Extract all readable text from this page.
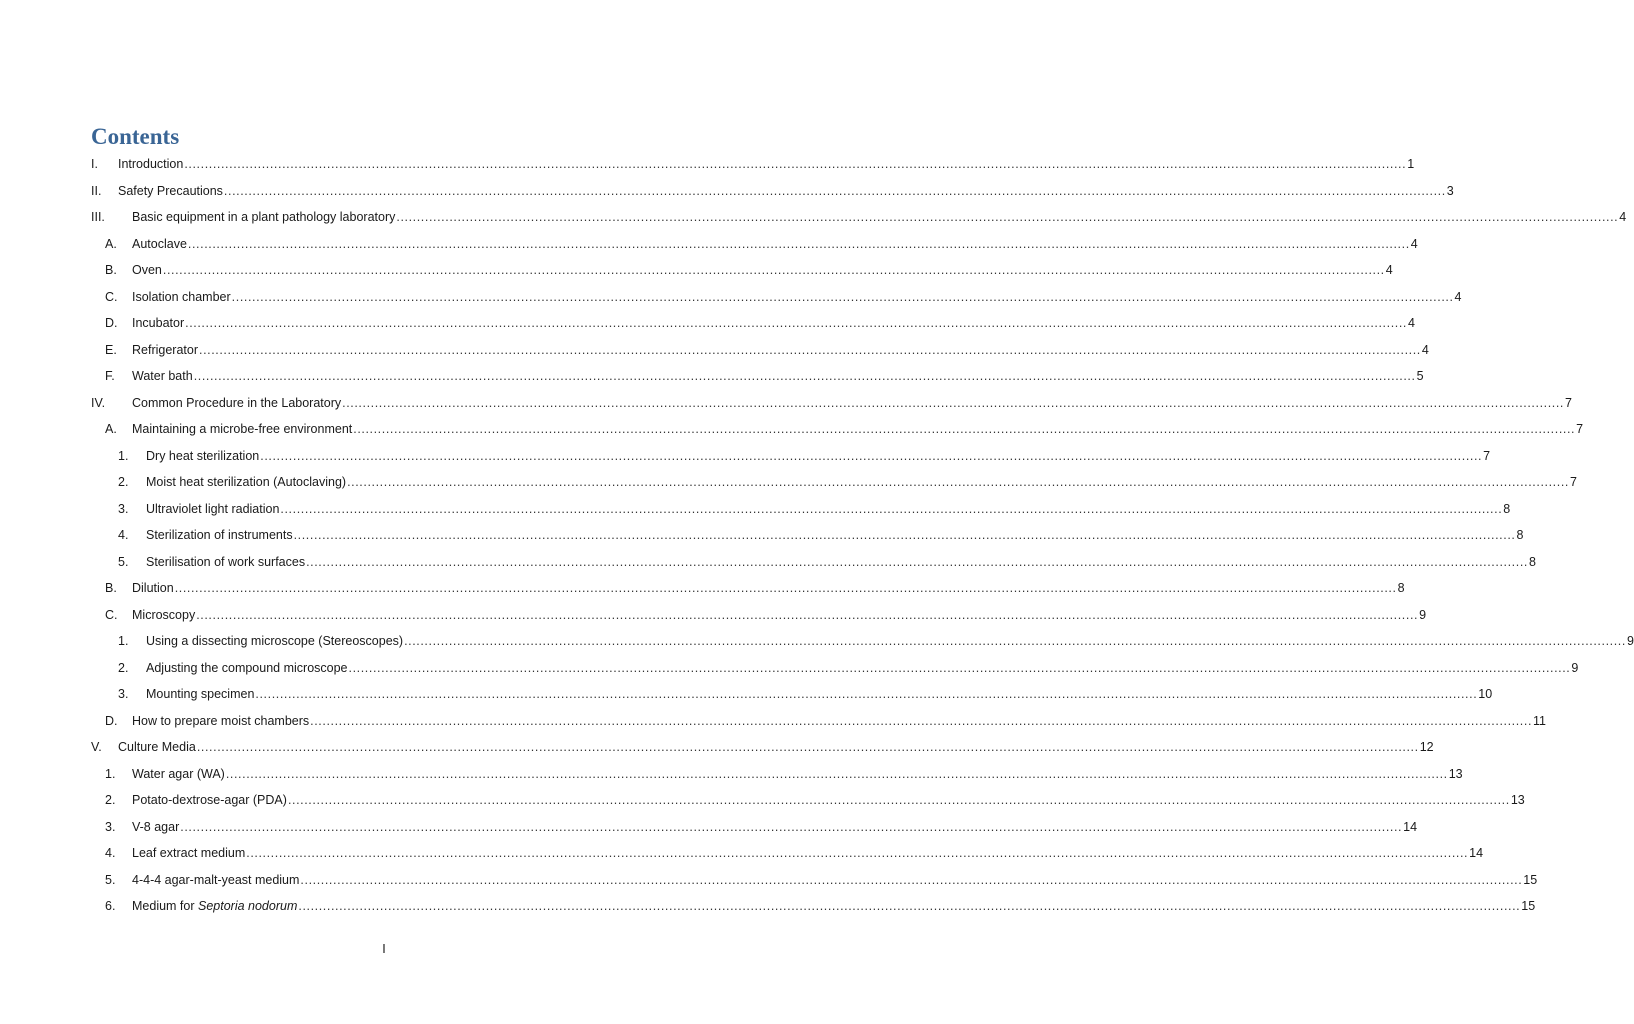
Contents
I. Introduction ............................................................................................................................................................................................................................................................................................................ 1
II. Safety Precautions ............................................................................................................................................................................................................................................................................................................ 3
III. Basic equipment in a plant pathology laboratory ............................................................................................................................................................................................................................................................................................................ 4
A. Autoclave ............................................................................................................................................................................................................................................................................................................ 4
B. Oven ............................................................................................................................................................................................................................................................................................................ 4
C. Isolation chamber ............................................................................................................................................................................................................................................................................................................ 4
D. Incubator ............................................................................................................................................................................................................................................................................................................ 4
E. Refrigerator ............................................................................................................................................................................................................................................................................................................ 4
F. Water bath ............................................................................................................................................................................................................................................................................................................ 5
IV. Common Procedure in the Laboratory ............................................................................................................................................................................................................................................................................................................ 7
A. Maintaining a microbe-free environment ............................................................................................................................................................................................................................................................................................................ 7
1. Dry heat sterilization ............................................................................................................................................................................................................................................................................................................ 7
2. Moist heat sterilization (Autoclaving) ............................................................................................................................................................................................................................................................................................................ 7
3. Ultraviolet light radiation ............................................................................................................................................................................................................................................................................................................ 8
4. Sterilization of instruments ............................................................................................................................................................................................................................................................................................................ 8
5. Sterilisation of work surfaces ............................................................................................................................................................................................................................................................................................................ 8
B. Dilution ............................................................................................................................................................................................................................................................................................................ 8
C. Microscopy ............................................................................................................................................................................................................................................................................................................ 9
1. Using a dissecting microscope (Stereoscopes) ............................................................................................................................................................................................................................................................................................................ 9
2. Adjusting the compound microscope ............................................................................................................................................................................................................................................................................................................ 9
3. Mounting specimen ............................................................................................................................................................................................................................................................................................................ 10
D. How to prepare moist chambers ............................................................................................................................................................................................................................................................................................................ 11
V. Culture Media ............................................................................................................................................................................................................................................................................................................ 12
1. Water agar (WA) ............................................................................................................................................................................................................................................................................................................ 13
2. Potato-dextrose-agar (PDA) ............................................................................................................................................................................................................................................................................................................ 13
3. V-8 agar ............................................................................................................................................................................................................................................................................................................ 14
4. Leaf extract medium ............................................................................................................................................................................................................................................................................................................ 14
5. 4-4-4 agar-malt-yeast medium ............................................................................................................................................................................................................................................................................................................ 15
6. Medium for Septoria nodorum ............................................................................................................................................................................................................................................................................................................ 15
I
